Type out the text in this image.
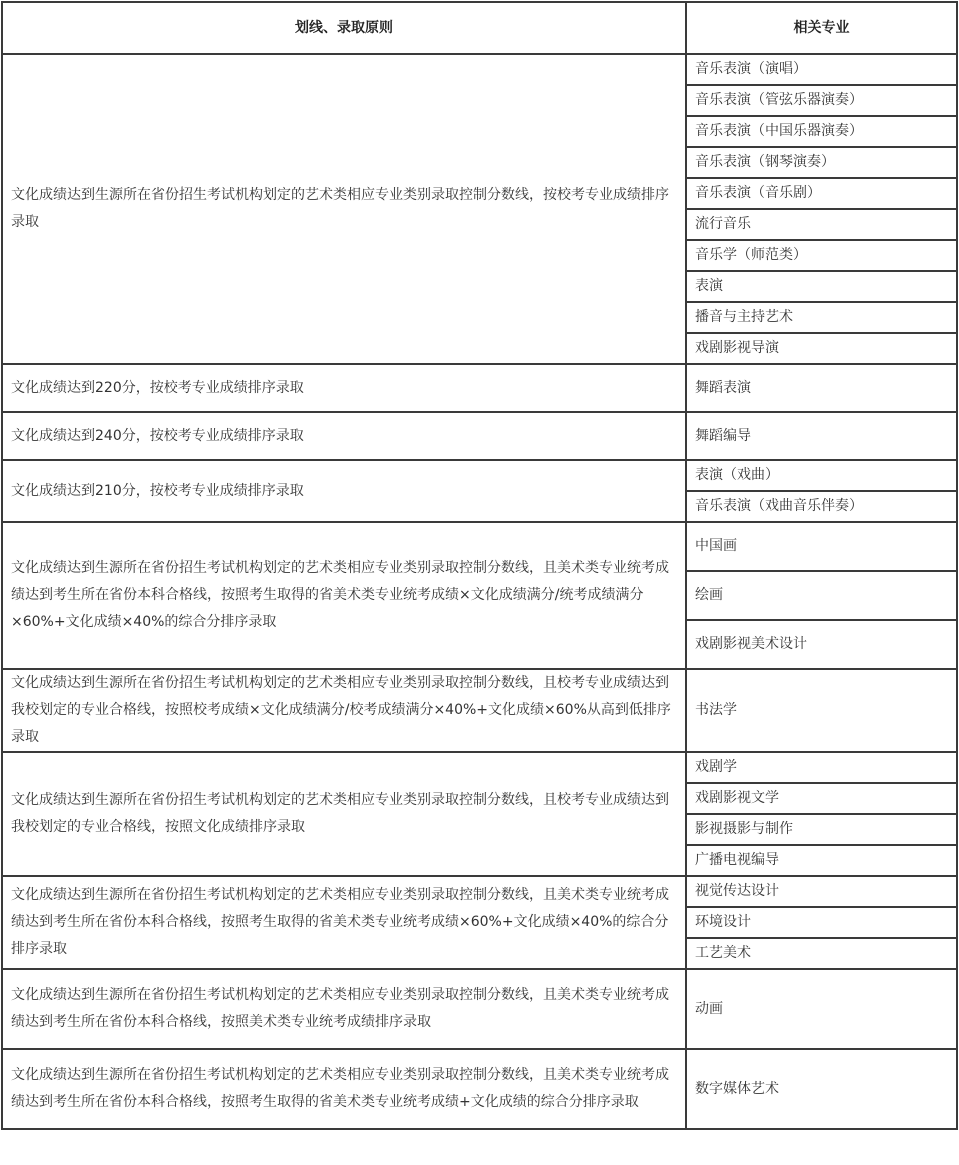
划线、录取原则	相关专业
文化成绩达到生源所在省份招生考试机构划定的艺术类相应专业类别录取控制分数线，按校考专业成绩排序录取	音乐表演（演唱）
	音乐表演（管弦乐器演奏）
	音乐表演（中国乐器演奏）
	音乐表演（钢琴演奏）
	音乐表演（音乐剧）
	流行音乐
	音乐学（师范类）
	表演
	播音与主持艺术
	戏剧影视导演
文化成绩达到220分，按校考专业成绩排序录取	舞蹈表演
文化成绩达到240分，按校考专业成绩排序录取	舞蹈编导
文化成绩达到210分，按校考专业成绩排序录取	表演（戏曲）
	音乐表演（戏曲音乐伴奏）
文化成绩达到生源所在省份招生考试机构划定的艺术类相应专业类别录取控制分数线，且美术类专业统考成绩达到考生所在省份本科合格线，按照考生取得的省美术类专业统考成绩×文化成绩满分/统考成绩满分×60%+文化成绩×40%的综合分排序录取	中国画
	绘画
	戏剧影视美术设计
文化成绩达到生源所在省份招生考试机构划定的艺术类相应专业类别录取控制分数线，且校考专业成绩达到我校划定的专业合格线，按照校考成绩×文化成绩满分/校考成绩满分×40%+文化成绩×60%从高到低排序录取	书法学
文化成绩达到生源所在省份招生考试机构划定的艺术类相应专业类别录取控制分数线，且校考专业成绩达到我校划定的专业合格线，按照文化成绩排序录取	戏剧学
	戏剧影视文学
	影视摄影与制作
	广播电视编导
文化成绩达到生源所在省份招生考试机构划定的艺术类相应专业类别录取控制分数线，且美术类专业统考成绩达到考生所在省份本科合格线，按照考生取得的省美术类专业统考成绩×60%+文化成绩×40%的综合分排序录取	视觉传达设计
	环境设计
	工艺美术
文化成绩达到生源所在省份招生考试机构划定的艺术类相应专业类别录取控制分数线，且美术类专业统考成绩达到考生所在省份本科合格线，按照美术类专业统考成绩排序录取	动画
文化成绩达到生源所在省份招生考试机构划定的艺术类相应专业类别录取控制分数线，且美术类专业统考成绩达到考生所在省份本科合格线，按照考生取得的省美术类专业统考成绩+文化成绩的综合分排序录取	数字媒体艺术
